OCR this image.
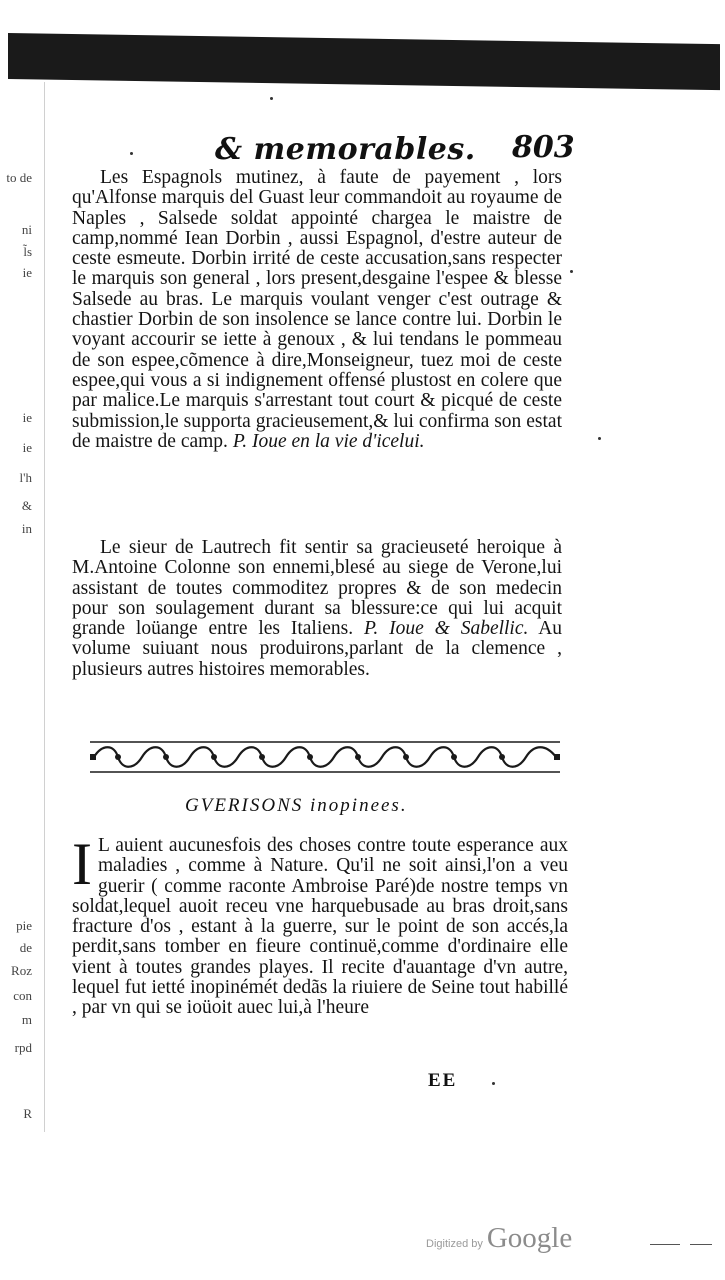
& memorables. 803

Les Espagnols mutinez, à faute de payement , lors qu'Alfonse marquis del Guast leur commandoit au royaume de Naples , Salsede soldat appointé chargea le maistre de camp,nommé Iean Dorbin , aussi Espagnol, d'estre auteur de ceste esmeute. Dorbin irrité de ceste accusation,sans respecter le marquis son general , lors present,desgaine l'espee & blesse Salsede au bras. Le marquis voulant venger c'est outrage & chastier Dorbin de son insolence se lance contre lui. Dorbin le voyant accourir se iette à genoux , & lui tendans le pommeau de son espee,cõmence à dire,Monseigneur, tuez moi de ceste espee,qui vous a si indignement offensé plustost en colere que par malice.Le marquis s'arrestant tout court & picqué de ceste submission,le supporta gracieusement,& lui confirma son estat de maistre de camp. P. Ioue en la vie d'icelui.

Le sieur de Lautrech fit sentir sa gracieuseté heroique à M.Antoine Colonne son ennemi,blesé au siege de Verone,lui assistant de toutes commoditez propres & de son medecin pour son soulagement durant sa blessure:ce qui lui acquit grande loüange entre les Italiens. P. Ioue & Sabellic. Au volume suiuant nous produirons,parlant de la clemence , plusieurs autres histoires memorables.

GVERISONS inopinees.
I L auient aucunesfois des choses contre toute esperance aux maladies , comme à Nature. Qu'il ne soit ainsi,l'on a veu guerir ( comme raconte Ambroise Paré)de nostre temps vn soldat,lequel auoit receu vne harquebusade au bras droit,sans fracture d'os , estant à la guerre, sur le point de son accés,la perdit,sans tomber en fieure continuë,comme d'ordinaire elle vient à toutes grandes playes. Il recite d'auantage d'vn autre, lequel fut ietté inopinémét dedãs la riuiere de Seine tout habillé , par vn qui se ioüoit auec lui,à l'heure

EE
to de
ni
l̃s
ie
ie
ie
l'h
&
in
pie
de
Roz
con
m
rpd
R
Digitized by Google
